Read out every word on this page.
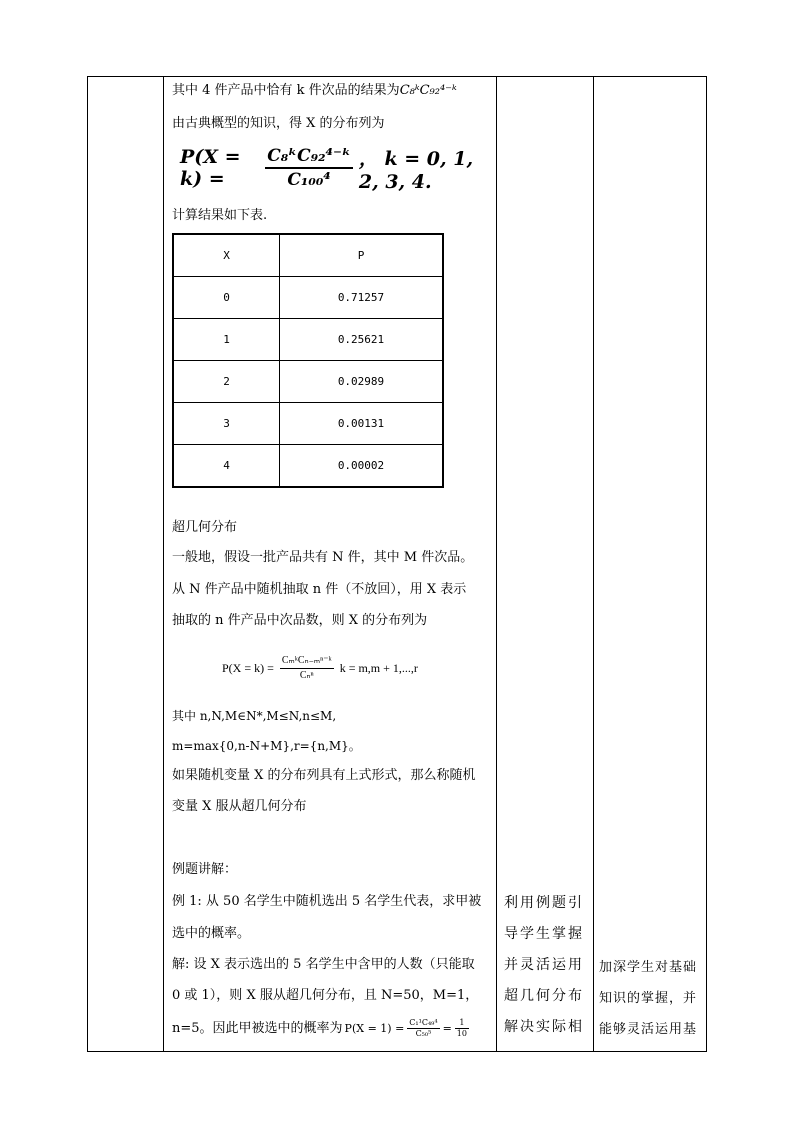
其中 4 件产品中恰有 k 件次品的结果为C₈ᵏC₉₂⁴⁻ᵏ
由古典概型的知识，得 X 的分布列为
P(X = k) =	$\frac{\text{C₈ᵏC₉₂⁴⁻ᵏ}}{\text{C₁₀₀⁴}}$ ， k = 0, 1, 2, 3, 4.
计算结果如下表.
X	P
0	0.71257
1	0.25621
2	0.02989
3	0.00131
4	0.00002
超几何分布
一般地，假设一批产品共有 N 件，其中 M 件次品。
从 N 件产品中随机抽取 n 件（不放回），用 X 表示
抽取的 n 件产品中次品数，则 X 的分布列为
$P(X = k) = \frac{\text{CₘᵏCₙ₋ₘⁿ⁻ᵏ}}{\text{Cₙⁿ}}$ k = m,m + 1,...,r
其中 n,N,M∈N*,M≤N,n≤M,
m=max{0,n-N+M},r={n,M}。
如果随机变量 X 的分布列具有上式形式，那么称随机
变量 X 服从超几何分布
例题讲解：
例 1: 从 50 名学生中随机选出 5 名学生代表，求甲被
选中的概率。
解: 设 X 表示选出的 5 名学生中含甲的人数（只能取
0 或 1），则 X 服从超几何分布，且 N=50，M=1，
n=5。因此甲被选中的概率为 $P(X = 1) = \frac{\text{C₁¹C₄₉⁴}}{\text{C₅₀⁵}} = \frac{1}{10}$
利用例题引
导学生掌握
并灵活运用
超几何分布
解决实际相
加深学生对基础
知识的掌握，并
能够灵活运用基
